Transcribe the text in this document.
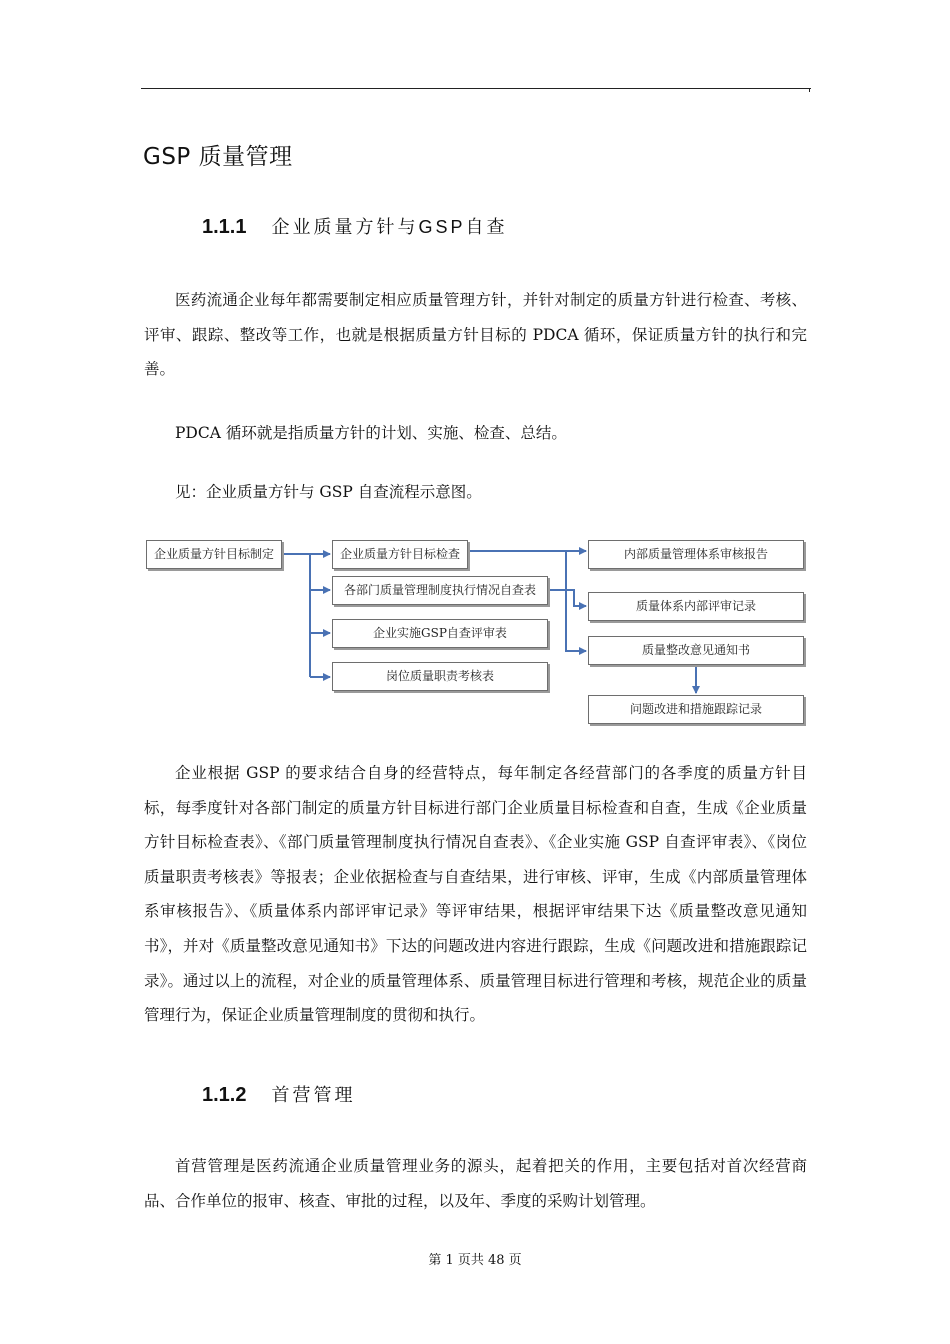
GSP 质量管理
1.1.1 企业质量方针与GSP自查
医药流通企业每年都需要制定相应质量管理方针，并针对制定的质量方针进行检查、考核、评审、跟踪、整改等工作，也就是根据质量方针目标的 PDCA 循环，保证质量方针的执行和完善。
PDCA 循环就是指质量方针的计划、实施、检查、总结。
见：企业质量方针与 GSP 自查流程示意图。
企业质量方针目标制定	企业质量方针目标检查
各部门质量管理制度执行情况自查表
企业实施GSP自查评审表
岗位质量职责考核表
内部质量管理体系审核报告
质量体系内部评审记录
质量整改意见通知书
问题改进和措施跟踪记录
企业根据 GSP 的要求结合自身的经营特点，每年制定各经营部门的各季度的质量方针目标，每季度针对各部门制定的质量方针目标进行部门企业质量目标检查和自查，生成《企业质量方针目标检查表》、《部门质量管理制度执行情况自查表》、《企业实施 GSP 自查评审表》、《岗位质量职责考核表》等报表；企业依据检查与自查结果，进行审核、评审，生成《内部质量管理体系审核报告》、《质量体系内部评审记录》等评审结果，根据评审结果下达《质量整改意见通知书》，并对《质量整改意见通知书》下达的问题改进内容进行跟踪，生成《问题改进和措施跟踪记录》。通过以上的流程，对企业的质量管理体系、质量管理目标进行管理和考核，规范企业的质量管理行为，保证企业质量管理制度的贯彻和执行。
1.1.2 首营管理
首营管理是医药流通企业质量管理业务的源头，起着把关的作用，主要包括对首次经营商品、合作单位的报审、核查、审批的过程，以及年、季度的采购计划管理。
第 1 页共 48 页
